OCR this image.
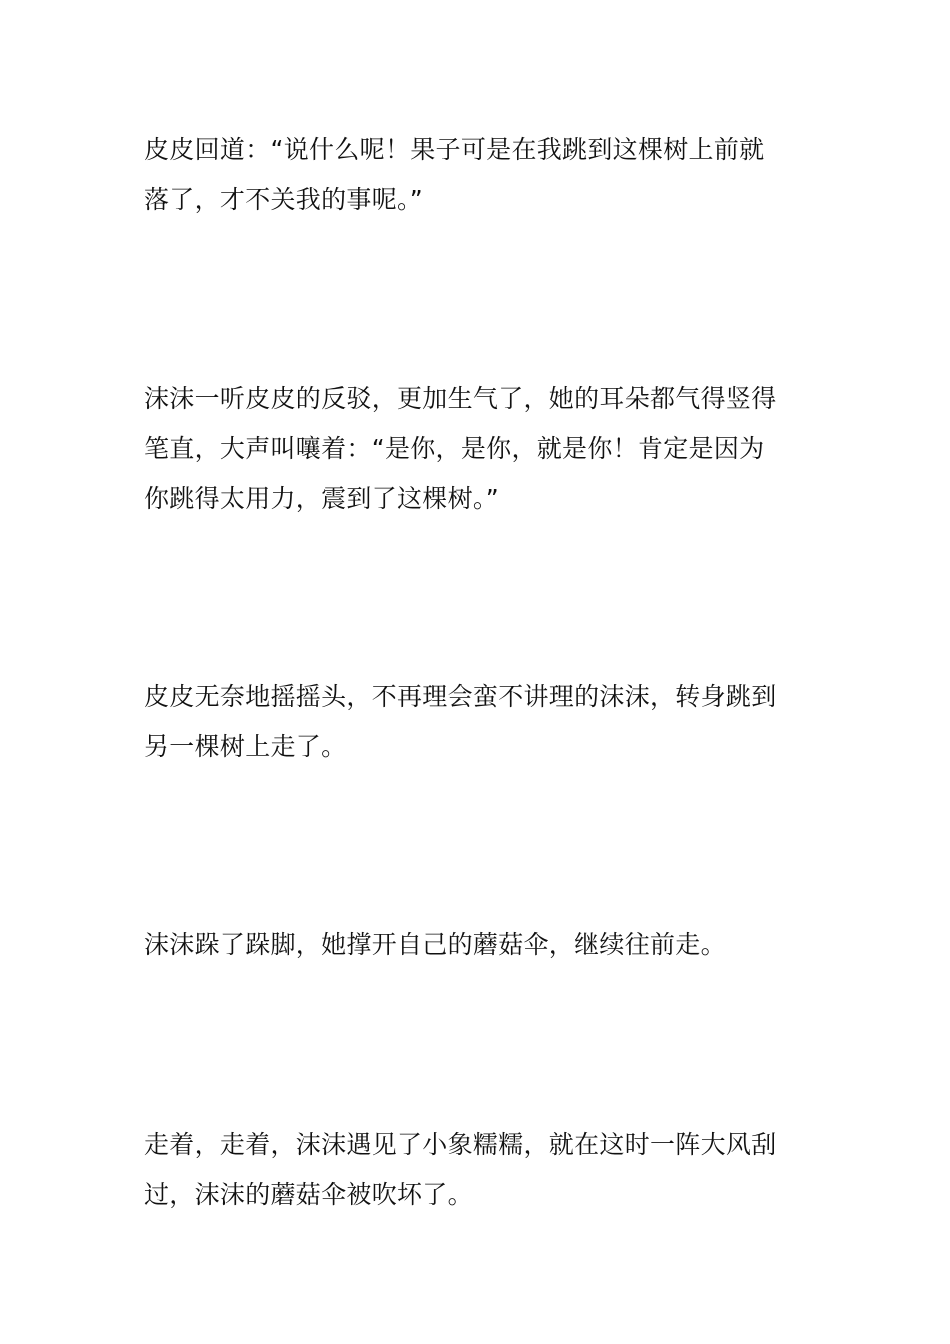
皮皮回道：“说什么呢！果子可是在我跳到这棵树上前就
落了，才不关我的事呢。”

沫沫一听皮皮的反驳，更加生气了，她的耳朵都气得竖得
笔直，大声叫嚷着：“是你，是你，就是你！肯定是因为
你跳得太用力，震到了这棵树。”

皮皮无奈地摇摇头，不再理会蛮不讲理的沫沫，转身跳到
另一棵树上走了。

沫沫跺了跺脚，她撑开自己的蘑菇伞，继续往前走。

走着，走着，沫沫遇见了小象糯糯，就在这时一阵大风刮
过，沫沫的蘑菇伞被吹坏了。
